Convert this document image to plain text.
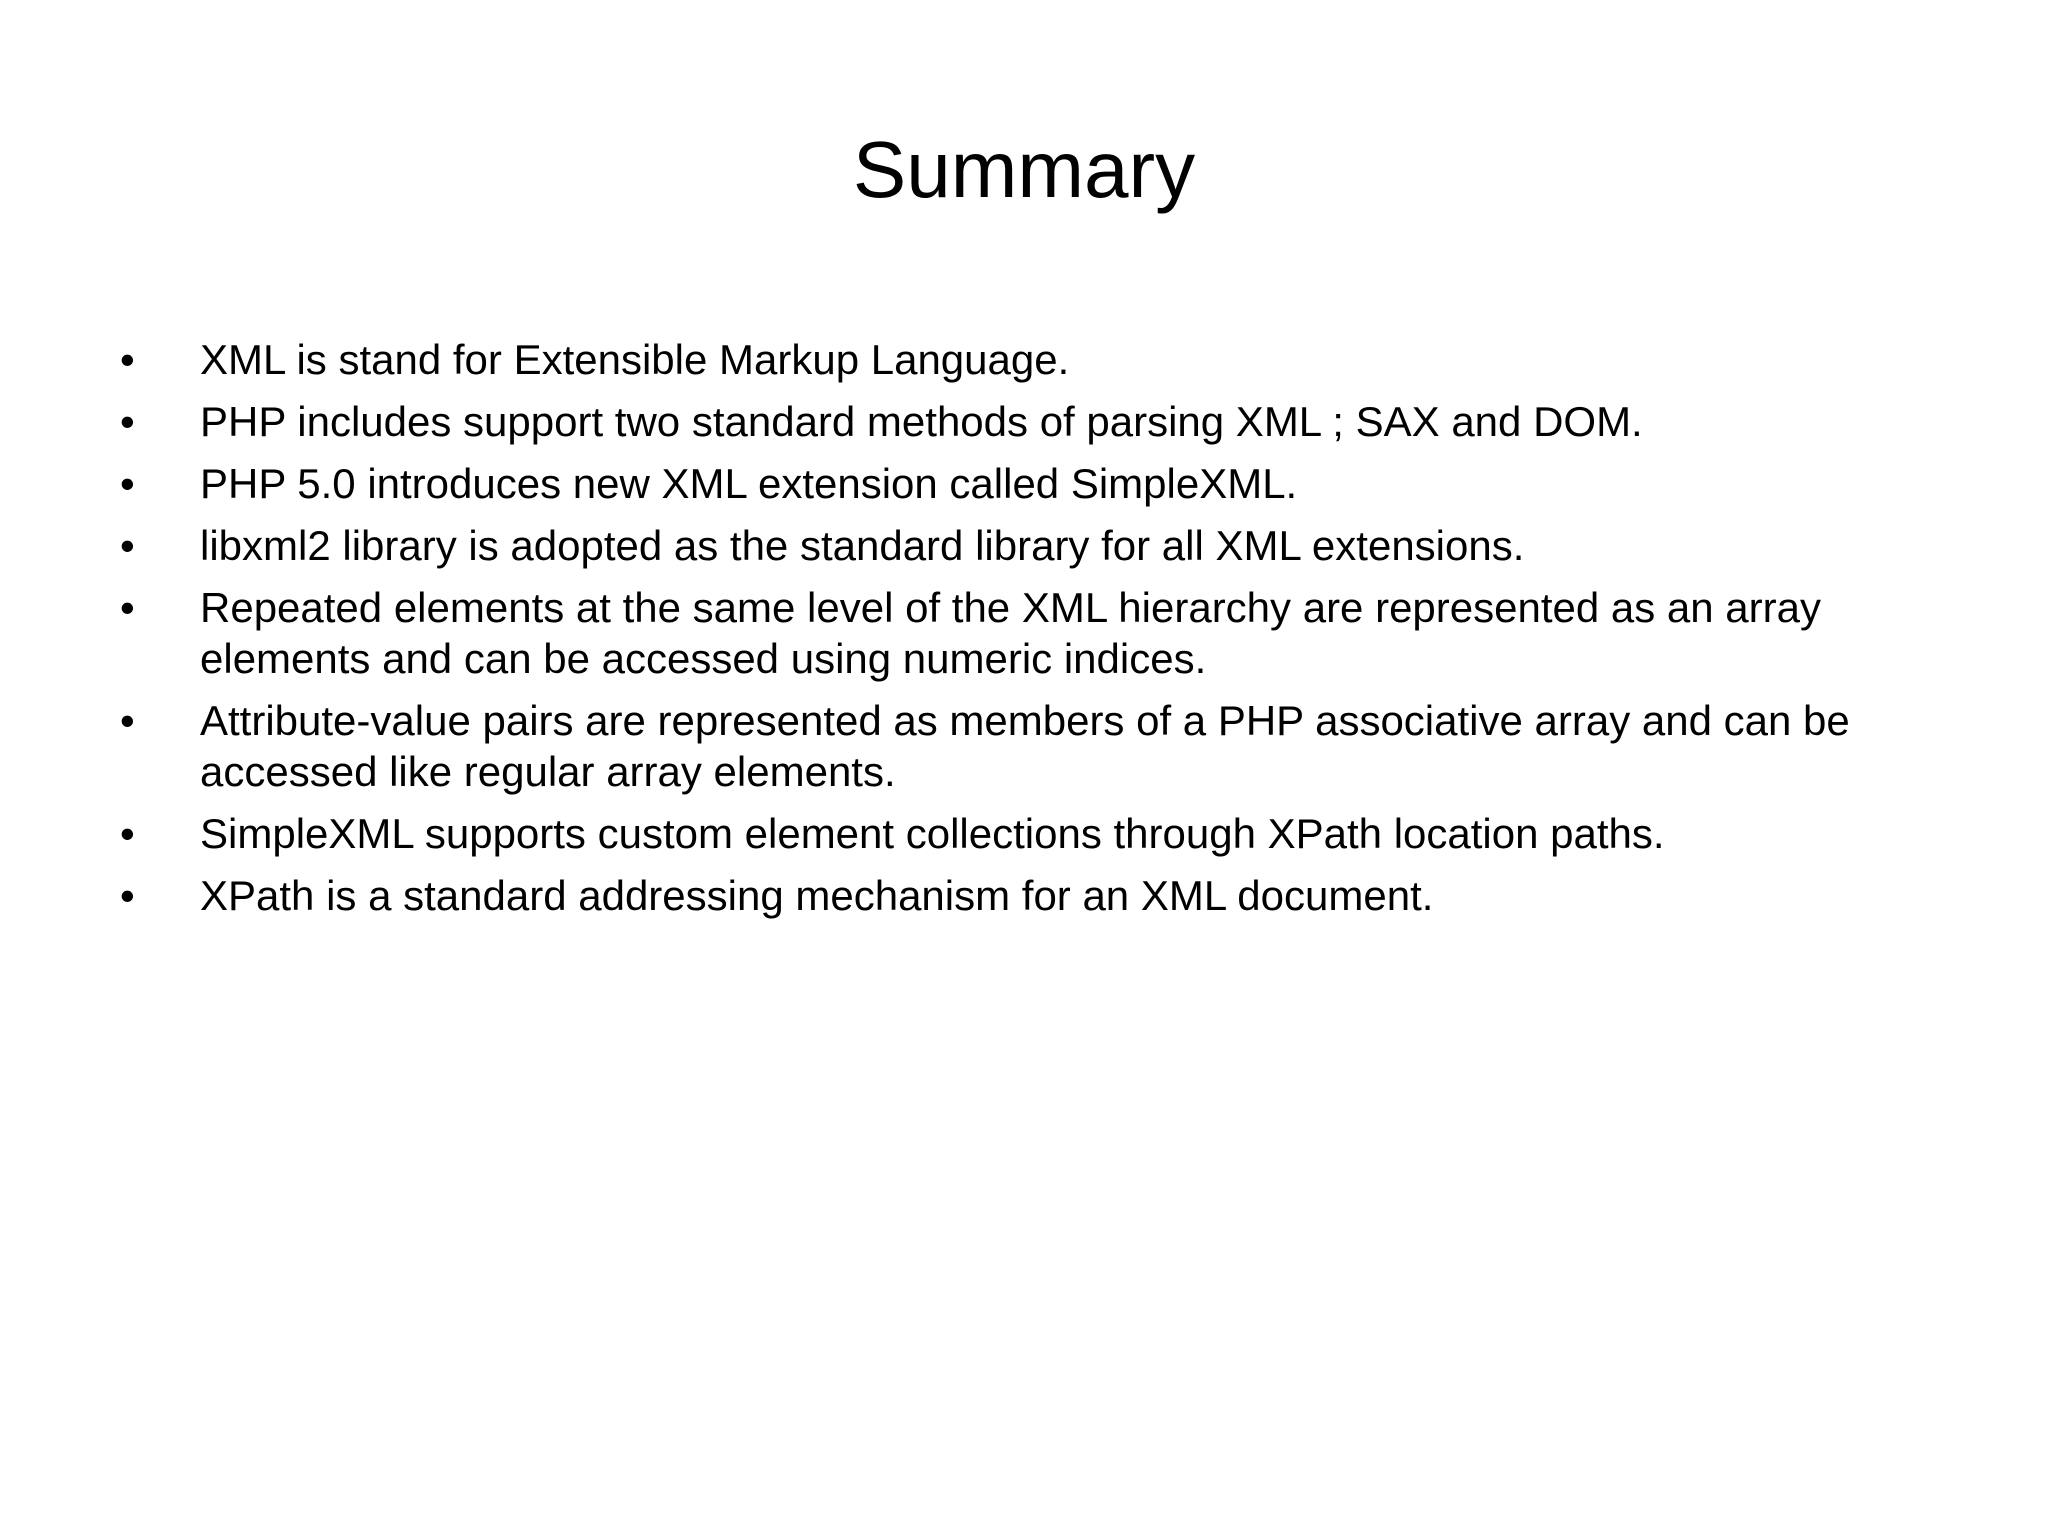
Summary
•	XML is stand for Extensible Markup Language.
•	PHP includes support two standard methods of parsing XML ; SAX and DOM.
•	PHP 5.0 introduces new XML extension called SimpleXML.
•	libxml2 library is adopted as the standard library for all XML extensions.
•	Repeated elements at the same level of the XML hierarchy are represented as an array elements and can be accessed using numeric indices.
•	Attribute-value pairs are represented as members of a PHP associative array and can be accessed like regular array elements.
•	SimpleXML supports custom element collections through XPath location paths.
•	XPath is a standard addressing mechanism for an XML document.
